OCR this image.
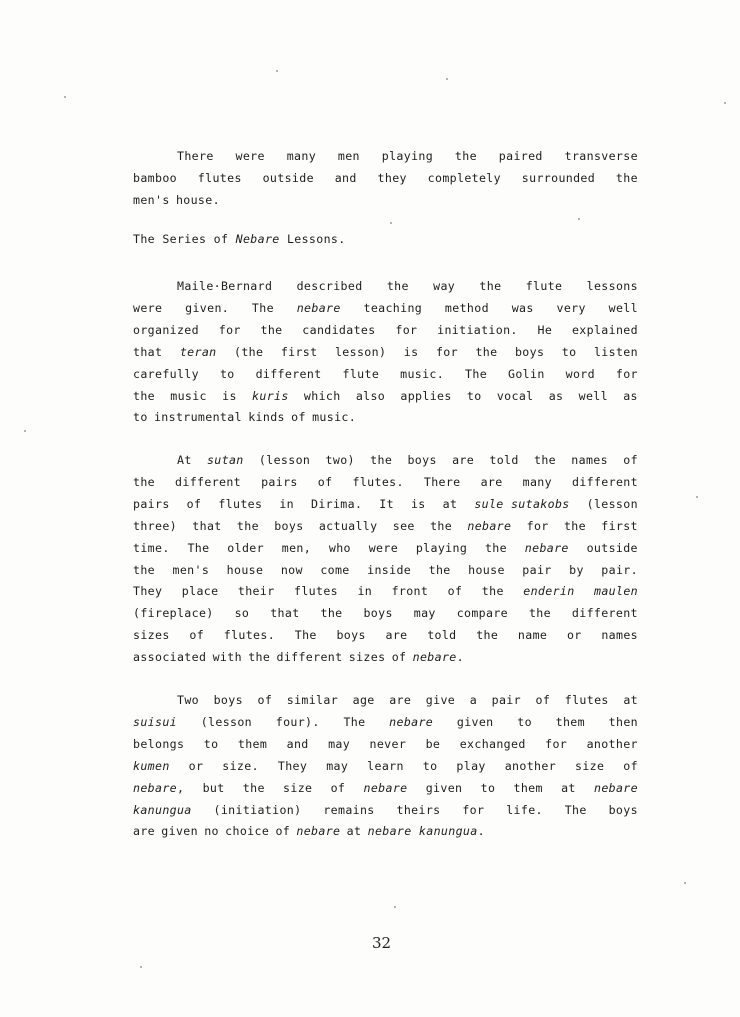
There were many men playing the paired transverse
bamboo flutes outside and they completely surrounded the
men's house.
The Series of Nebare Lessons.
Maile·Bernard described the way the flute lessons
were given. The nebare teaching method was very well
organized for the candidates for initiation. He explained
that teran (the first lesson) is for the boys to listen
carefully to different flute music. The Golin word for
the music is kuris which also applies to vocal as well as
to instrumental kinds of music.
At sutan (lesson two) the boys are told the names of
the different pairs of flutes. There are many different
pairs of flutes in Dirima. It is at sule sutakobs (lesson
three) that the boys actually see the nebare for the first
time. The older men, who were playing the nebare outside
the men's house now come inside the house pair by pair.
They place their flutes in front of the enderin maulen
(fireplace) so that the boys may compare the different
sizes of flutes. The boys are told the name or names
associated with the different sizes of nebare.
Two boys of similar age are give a pair of flutes at
suisui (lesson four). The nebare given to them then
belongs to them and may never be exchanged for another
kumen or size. They may learn to play another size of
nebare, but the size of nebare given to them at nebare
kanungua (initiation) remains theirs for life. The boys
are given no choice of nebare at nebare kanungua.
32
